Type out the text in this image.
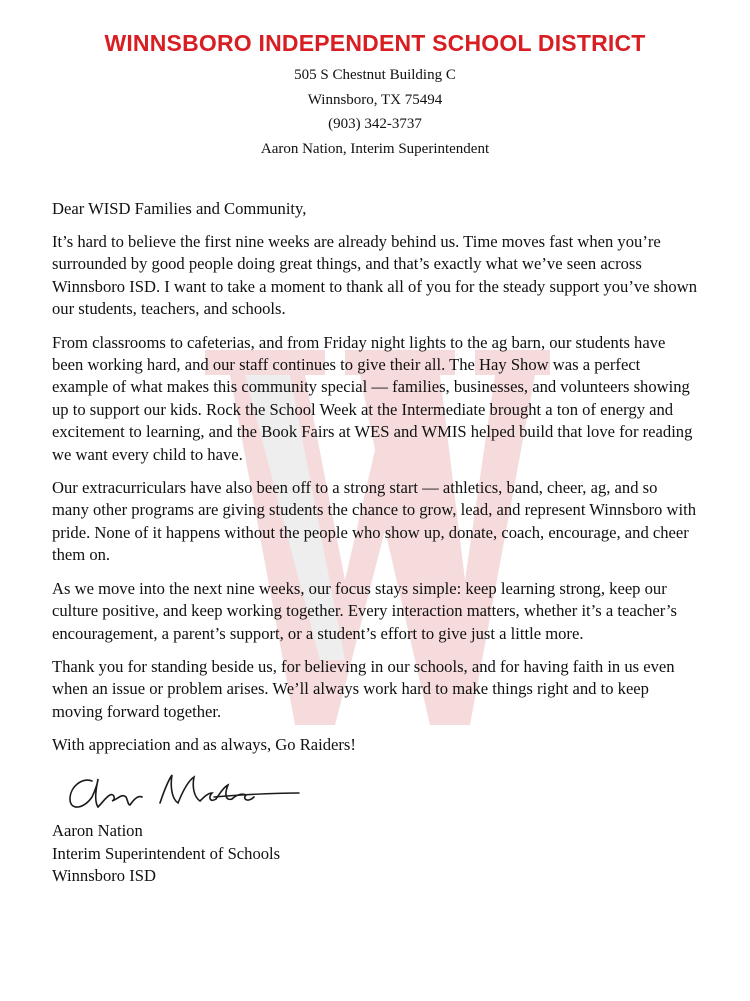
WINNSBORO INDEPENDENT SCHOOL DISTRICT
505 S Chestnut Building C
Winnsboro, TX 75494
(903) 342-3737
Aaron Nation, Interim Superintendent
Dear WISD Families and Community,

It’s hard to believe the first nine weeks are already behind us. Time moves fast when you’re surrounded by good people doing great things, and that’s exactly what we’ve seen across Winnsboro ISD. I want to take a moment to thank all of you for the steady support you’ve shown our students, teachers, and schools.

From classrooms to cafeterias, and from Friday night lights to the ag barn, our students have been working hard, and our staff continues to give their all. The Hay Show was a perfect example of what makes this community special — families, businesses, and volunteers showing up to support our kids. Rock the School Week at the Intermediate brought a ton of energy and excitement to learning, and the Book Fairs at WES and WMIS helped build that love for reading we want every child to have.

Our extracurriculars have also been off to a strong start — athletics, band, cheer, ag, and so many other programs are giving students the chance to grow, lead, and represent Winnsboro with pride. None of it happens without the people who show up, donate, coach, encourage, and cheer them on.

As we move into the next nine weeks, our focus stays simple: keep learning strong, keep our culture positive, and keep working together. Every interaction matters, whether it’s a teacher’s encouragement, a parent’s support, or a student’s effort to give just a little more.

Thank you for standing beside us, for believing in our schools, and for having faith in us even when an issue or problem arises. We’ll always work hard to make things right and to keep moving forward together.

With appreciation and as always, Go Raiders!
Aaron Nation
Interim Superintendent of Schools
Winnsboro ISD
